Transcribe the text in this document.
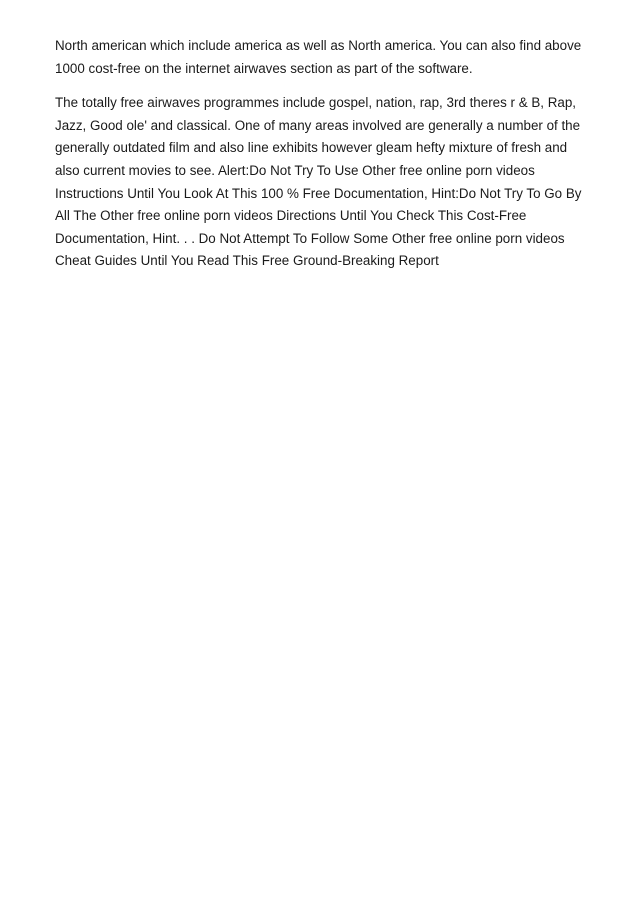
North american which include america as well as North america. You can also find above 1000 cost-free on the internet airwaves section as part of the software.

The totally free airwaves programmes include gospel, nation, rap, 3rd theres r & B, Rap, Jazz, Good ole' and classical. One of many areas involved are generally a number of the generally outdated film and also line exhibits however gleam hefty mixture of fresh and also current movies to see. Alert:Do Not Try To Use Other free online porn videos Instructions Until You Look At This 100 % Free Documentation, Hint:Do Not Try To Go By All The Other free online porn videos Directions Until You Check This Cost-Free Documentation, Hint. . . Do Not Attempt To Follow Some Other free online porn videos Cheat Guides Until You Read This Free Ground-Breaking Report
